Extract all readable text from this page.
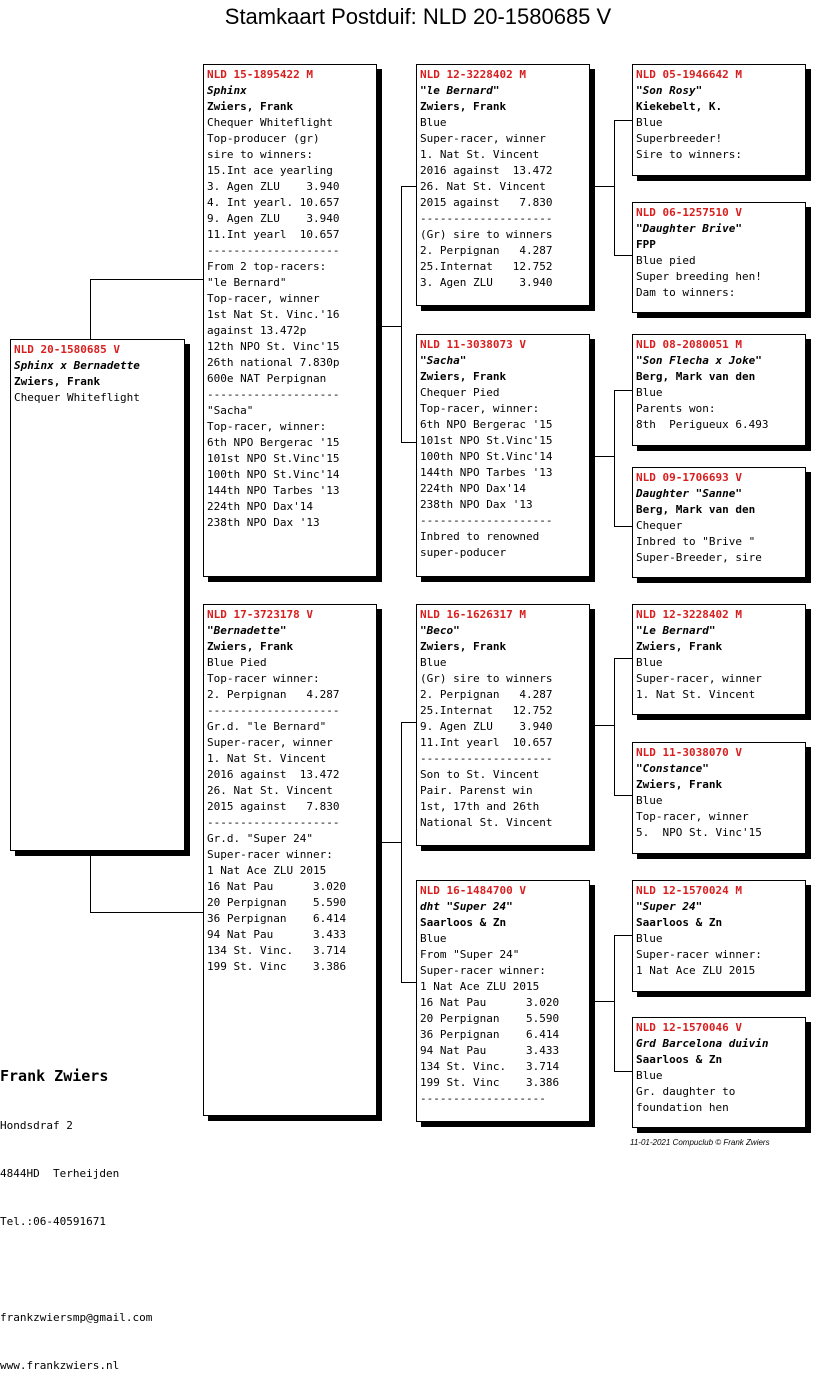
Stamkaart Postduif: NLD 20-1580685 V
NLD 20-1580685 V
Sphinx x Bernadette
Zwiers, Frank
Chequer Whiteflight
NLD 15-1895422 M
Sphinx
Zwiers, Frank
Chequer Whiteflight
Top-producer (gr)
sire to winners:
15.Int ace yearling
3. Agen ZLU    3.940
4. Int yearl. 10.657
9. Agen ZLU    3.940
11.Int yearl  10.657
--------------------
From 2 top-racers:
"le Bernard"
Top-racer, winner
1st Nat St. Vinc.'16
against 13.472p
12th NPO St. Vinc'15
26th national 7.830p
600e NAT Perpignan
--------------------
"Sacha"
Top-racer, winner:
6th NPO Bergerac '15
101st NPO St.Vinc'15
100th NPO St.Vinc'14
144th NPO Tarbes '13
224th NPO Dax'14
238th NPO Dax '13
NLD 17-3723178 V
"Bernadette"
Zwiers, Frank
Blue Pied
Top-racer winner:
2. Perpignan   4.287
--------------------
Gr.d. "le Bernard"
Super-racer, winner
1. Nat St. Vincent
2016 against  13.472
26. Nat St. Vincent
2015 against   7.830
--------------------
Gr.d. "Super 24"
Super-racer winner:
1 Nat Ace ZLU 2015
16 Nat Pau      3.020
20 Perpignan    5.590
36 Perpignan    6.414
94 Nat Pau      3.433
134 St. Vinc.   3.714
199 St. Vinc    3.386
NLD 12-3228402 M
"le Bernard"
Zwiers, Frank
Blue
Super-racer, winner
1. Nat St. Vincent
2016 against  13.472
26. Nat St. Vincent
2015 against   7.830
--------------------
(Gr) sire to winners
2. Perpignan   4.287
25.Internat   12.752
3. Agen ZLU    3.940
NLD 11-3038073 V
"Sacha"
Zwiers, Frank
Chequer Pied
Top-racer, winner:
6th NPO Bergerac '15
101st NPO St.Vinc'15
100th NPO St.Vinc'14
144th NPO Tarbes '13
224th NPO Dax'14
238th NPO Dax '13
--------------------
Inbred to renowned
super-poducer
NLD 16-1626317 M
"Beco"
Zwiers, Frank
Blue
(Gr) sire to winners
2. Perpignan   4.287
25.Internat   12.752
9. Agen ZLU    3.940
11.Int yearl  10.657
--------------------
Son to St. Vincent
Pair. Parenst win
1st, 17th and 26th
National St. Vincent
NLD 16-1484700 V
dht "Super 24"
Saarloos & Zn
Blue
From "Super 24"
Super-racer winner:
1 Nat Ace ZLU 2015
16 Nat Pau      3.020
20 Perpignan    5.590
36 Perpignan    6.414
94 Nat Pau      3.433
134 St. Vinc.   3.714
199 St. Vinc    3.386
-------------------
NLD 05-1946642 M
"Son Rosy"
Kiekebelt, K.
Blue
Superbreeder!
Sire to winners:
NLD 06-1257510 V
"Daughter Brive"
FPP
Blue pied
Super breeding hen!
Dam to winners:
NLD 08-2080051 M
"Son Flecha x Joke"
Berg, Mark van den
Blue
Parents won:
8th  Perigueux 6.493
NLD 09-1706693 V
Daughter "Sanne"
Berg, Mark van den
Chequer
Inbred to "Brive "
Super-Breeder, sire
NLD 12-3228402 M
"Le Bernard"
Zwiers, Frank
Blue
Super-racer, winner
1. Nat St. Vincent
NLD 11-3038070 V
"Constance"
Zwiers, Frank
Blue
Top-racer, winner
5.  NPO St. Vinc'15
NLD 12-1570024 M
"Super 24"
Saarloos & Zn
Blue
Super-racer winner:
1 Nat Ace ZLU 2015
NLD 12-1570046 V
Grd Barcelona duivin
Saarloos & Zn
Blue
Gr. daughter to
foundation hen

Frank Zwiers

Hondsdraf 2

4844HD  Terheijden

Tel.:06-40591671

frankzwiersmp@gmail.com

www.frankzwiers.nl

11-01-2021 Compuclub © Frank Zwiers
